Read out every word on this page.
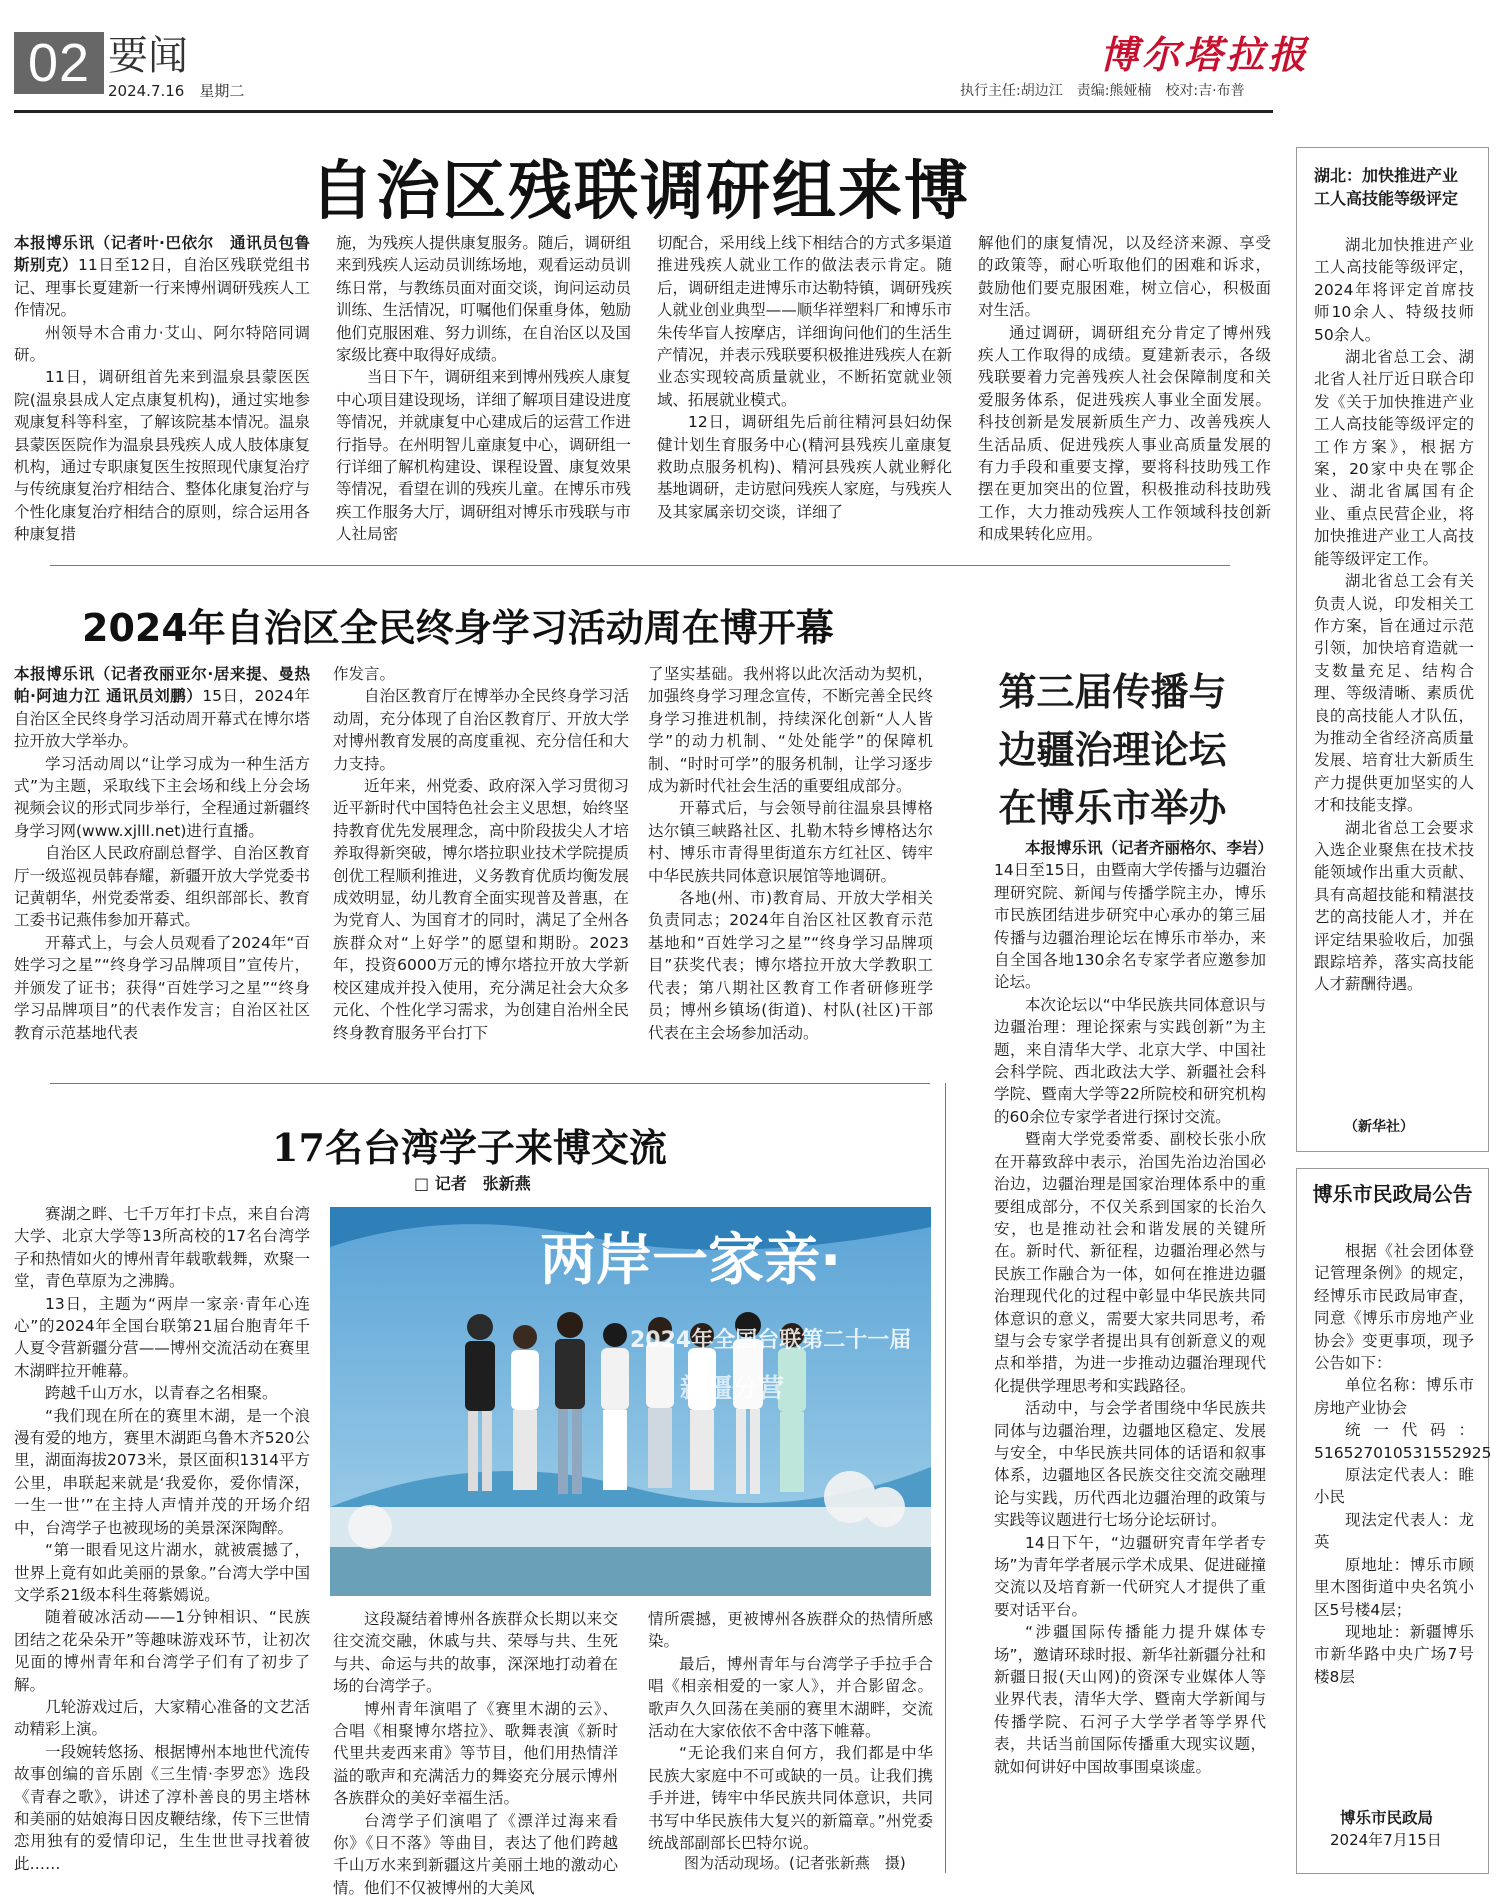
02 要闻
2024.7.16　星期二
博尔塔拉报
执行主任:胡边江　责编:熊娅楠　校对:吉·布普
自治区残联调研组来博

本报博乐讯（记者叶·巴依尔　通讯员包鲁斯别克）11日至12日，自治区残联党组书记、理事长夏建新一行来博州调研残疾人工作情况。

州领导木合甫力·艾山、阿尔特陪同调研。

11日，调研组首先来到温泉县蒙医医院(温泉县成人定点康复机构)，通过实地参观康复科等科室，了解该院基本情况。温泉县蒙医医院作为温泉县残疾人成人肢体康复机构，通过专职康复医生按照现代康复治疗与传统康复治疗相结合、整体化康复治疗与个性化康复治疗相结合的原则，综合运用各种康复措

施，为残疾人提供康复服务。随后，调研组来到残疾人运动员训练场地，观看运动员训练日常，与教练员面对面交谈，询问运动员训练、生活情况，叮嘱他们保重身体，勉励他们克服困难、努力训练，在自治区以及国家级比赛中取得好成绩。

当日下午，调研组来到博州残疾人康复中心项目建设现场，详细了解项目建设进度等情况，并就康复中心建成后的运营工作进行指导。在州明智儿童康复中心，调研组一行详细了解机构建设、课程设置、康复效果等情况，看望在训的残疾儿童。在博乐市残疾工作服务大厅，调研组对博乐市残联与市人社局密

切配合，采用线上线下相结合的方式多渠道推进残疾人就业工作的做法表示肯定。随后，调研组走进博乐市达勒特镇，调研残疾人就业创业典型——顺华祥塑料厂和博乐市朱传华盲人按摩店，详细询问他们的生活生产情况，并表示残联要积极推进残疾人在新业态实现较高质量就业，不断拓宽就业领域、拓展就业模式。

12日，调研组先后前往精河县妇幼保健计划生育服务中心(精河县残疾儿童康复救助点服务机构)、精河县残疾人就业孵化基地调研，走访慰问残疾人家庭，与残疾人及其家属亲切交谈，详细了

解他们的康复情况，以及经济来源、享受的政策等，耐心听取他们的困难和诉求，鼓励他们要克服困难，树立信心，积极面对生活。

通过调研，调研组充分肯定了博州残疾人工作取得的成绩。夏建新表示，各级残联要着力完善残疾人社会保障制度和关爱服务体系，促进残疾人事业全面发展。科技创新是发展新质生产力、改善残疾人生活品质、促进残疾人事业高质量发展的有力手段和重要支撑，要将科技助残工作摆在更加突出的位置，积极推动科技助残工作，大力推动残疾人工作领域科技创新和成果转化应用。

2024年自治区全民终身学习活动周在博开幕

本报博乐讯（记者孜丽亚尔·居来提、曼热帕·阿迪力江 通讯员刘鹏）15日，2024年自治区全民终身学习活动周开幕式在博尔塔拉开放大学举办。

学习活动周以“让学习成为一种生活方式”为主题，采取线下主会场和线上分会场视频会议的形式同步举行，全程通过新疆终身学习网(www.xjlll.net)进行直播。

自治区人民政府副总督学、自治区教育厅一级巡视员韩春耀，新疆开放大学党委书记黄朝华，州党委常委、组织部部长、教育工委书记燕伟参加开幕式。

开幕式上，与会人员观看了2024年“百姓学习之星”“终身学习品牌项目”宣传片，并颁发了证书；获得“百姓学习之星”“终身学习品牌项目”的代表作发言；自治区社区教育示范基地代表

作发言。

自治区教育厅在博举办全民终身学习活动周，充分体现了自治区教育厅、开放大学对博州教育发展的高度重视、充分信任和大力支持。

近年来，州党委、政府深入学习贯彻习近平新时代中国特色社会主义思想，始终坚持教育优先发展理念，高中阶段拔尖人才培养取得新突破，博尔塔拉职业技术学院提质创优工程顺利推进，义务教育优质均衡发展成效明显，幼儿教育全面实现普及普惠，在为党育人、为国育才的同时，满足了全州各族群众对“上好学”的愿望和期盼。2023年，投资6000万元的博尔塔拉开放大学新校区建成并投入使用，充分满足社会大众多元化、个性化学习需求，为创建自治州全民终身教育服务平台打下

了坚实基础。我州将以此次活动为契机，加强终身学习理念宣传，不断完善全民终身学习推进机制，持续深化创新“人人皆学”的动力机制、“处处能学”的保障机制、“时时可学”的服务机制，让学习逐步成为新时代社会生活的重要组成部分。

开幕式后，与会领导前往温泉县博格达尔镇三峡路社区、扎勒木特乡博格达尔村、博乐市青得里街道东方红社区、铸牢中华民族共同体意识展馆等地调研。

各地(州、市)教育局、开放大学相关负责同志；2024年自治区社区教育示范基地和“百姓学习之星”“终身学习品牌项目”获奖代表；博尔塔拉开放大学教职工代表；第八期社区教育工作者研修班学员；博州乡镇场(街道)、村队(社区)干部代表在主会场参加活动。

17名台湾学子来博交流
□ 记者　张新燕

赛湖之畔、七千万年打卡点，来自台湾大学、北京大学等13所高校的17名台湾学子和热情如火的博州青年载歌载舞，欢聚一堂，青色草原为之沸腾。

13日，主题为“两岸一家亲·青年心连心”的2024年全国台联第21届台胞青年千人夏令营新疆分营——博州交流活动在赛里木湖畔拉开帷幕。

跨越千山万水，以青春之名相聚。

“我们现在所在的赛里木湖，是一个浪漫有爱的地方，赛里木湖距乌鲁木齐520公里，湖面海拔2073米，景区面积1314平方公里，串联起来就是‘我爱你，爱你情深，一生一世’”在主持人声情并茂的开场介绍中，台湾学子也被现场的美景深深陶醉。

“第一眼看见这片湖水，就被震撼了，世界上竟有如此美丽的景象。”台湾大学中国文学系21级本科生蒋紫嫣说。

随着破冰活动——1分钟相识、“民族团结之花朵朵开”等趣味游戏环节，让初次见面的博州青年和台湾学子们有了初步了解。

几轮游戏过后，大家精心准备的文艺活动精彩上演。

一段婉转悠扬、根据博州本地世代流传故事创编的音乐剧《三生情·李罗恋》选段《青春之歌》，讲述了淳朴善良的男主塔林和美丽的姑娘海日因皮鞭结缘，传下三世情恋用独有的爱情印记，生生世世寻找着彼此……

两岸一家亲·
2024年全国台联第二十一届
新疆分营

这段凝结着博州各族群众长期以来交往交流交融，休戚与共、荣辱与共、生死与共、命运与共的故事，深深地打动着在场的台湾学子。

博州青年演唱了《赛里木湖的云》、合唱《相聚博尔塔拉》、歌舞表演《新时代里共麦西来甫》等节目，他们用热情洋溢的歌声和充满活力的舞姿充分展示博州各族群众的美好幸福生活。

台湾学子们演唱了《漂洋过海来看你》《日不落》等曲目，表达了他们跨越千山万水来到新疆这片美丽土地的激动心情。他们不仅被博州的大美风

情所震撼，更被博州各族群众的热情所感染。

最后，博州青年与台湾学子手拉手合唱《相亲相爱的一家人》，并合影留念。歌声久久回荡在美丽的赛里木湖畔，交流活动在大家依依不舍中落下帷幕。

“无论我们来自何方，我们都是中华民族大家庭中不可或缺的一员。让我们携手并进，铸牢中华民族共同体意识，共同书写中华民族伟大复兴的新篇章。”州党委统战部副部长巴特尔说。

图为活动现场。(记者张新燕　摄)
第三届传播与
边疆治理论坛
在博乐市举办

本报博乐讯（记者齐丽格尔、李岩）14日至15日，由暨南大学传播与边疆治理研究院、新闻与传播学院主办，博乐市民族团结进步研究中心承办的第三届传播与边疆治理论坛在博乐市举办，来自全国各地130余名专家学者应邀参加论坛。

本次论坛以“中华民族共同体意识与边疆治理：理论探索与实践创新”为主题，来自清华大学、北京大学、中国社会科学院、西北政法大学、新疆社会科学院、暨南大学等22所院校和研究机构的60余位专家学者进行探讨交流。

暨南大学党委常委、副校长张小欣在开幕致辞中表示，治国先治边治国必治边，边疆治理是国家治理体系中的重要组成部分，不仅关系到国家的长治久安，也是推动社会和谐发展的关键所在。新时代、新征程，边疆治理必然与民族工作融合为一体，如何在推进边疆治理现代化的过程中彰显中华民族共同体意识的意义，需要大家共同思考，希望与会专家学者提出具有创新意义的观点和举措，为进一步推动边疆治理现代化提供学理思考和实践路径。

活动中，与会学者围绕中华民族共同体与边疆治理，边疆地区稳定、发展与安全，中华民族共同体的话语和叙事体系，边疆地区各民族交往交流交融理论与实践，历代西北边疆治理的政策与实践等议题进行七场分论坛研讨。

14日下午，“边疆研究青年学者专场”为青年学者展示学术成果、促进碰撞交流以及培育新一代研究人才提供了重要对话平台。

“涉疆国际传播能力提升媒体专场”，邀请环球时报、新华社新疆分社和新疆日报(天山网)的资深专业媒体人等业界代表，清华大学、暨南大学新闻与传播学院、石河子大学学者等学界代表，共话当前国际传播重大现实议题，就如何讲好中国故事围桌谈虚。

湖北：加快推进产业工人高技能等级评定

湖北加快推进产业工人高技能等级评定，2024年将评定首席技师10余人、特级技师50余人。

湖北省总工会、湖北省人社厅近日联合印发《关于加快推进产业工人高技能等级评定的工作方案》，根据方案，20家中央在鄂企业、湖北省属国有企业、重点民营企业，将加快推进产业工人高技能等级评定工作。

湖北省总工会有关负责人说，印发相关工作方案，旨在通过示范引领，加快培育造就一支数量充足、结构合理、等级清晰、素质优良的高技能人才队伍，为推动全省经济高质量发展、培育壮大新质生产力提供更加坚实的人才和技能支撑。

湖北省总工会要求入选企业聚焦在技术技能领域作出重大贡献、具有高超技能和精湛技艺的高技能人才，并在评定结果验收后，加强跟踪培养，落实高技能人才薪酬待遇。

（新华社）
博乐市民政局公告

根据《社会团体登记管理条例》的规定，经博乐市民政局审查，同意《博乐市房地产业协会》变更事项，现予公告如下：

单位名称：博乐市房地产业协会

统一代码：516527010531552925

原法定代表人：睢小民

现法定代表人：龙英

原地址：博乐市顾里木图街道中央名筑小区5号楼4层；

现地址：新疆博乐市新华路中央广场7号楼8层

博乐市民政局
2024年7月15日
